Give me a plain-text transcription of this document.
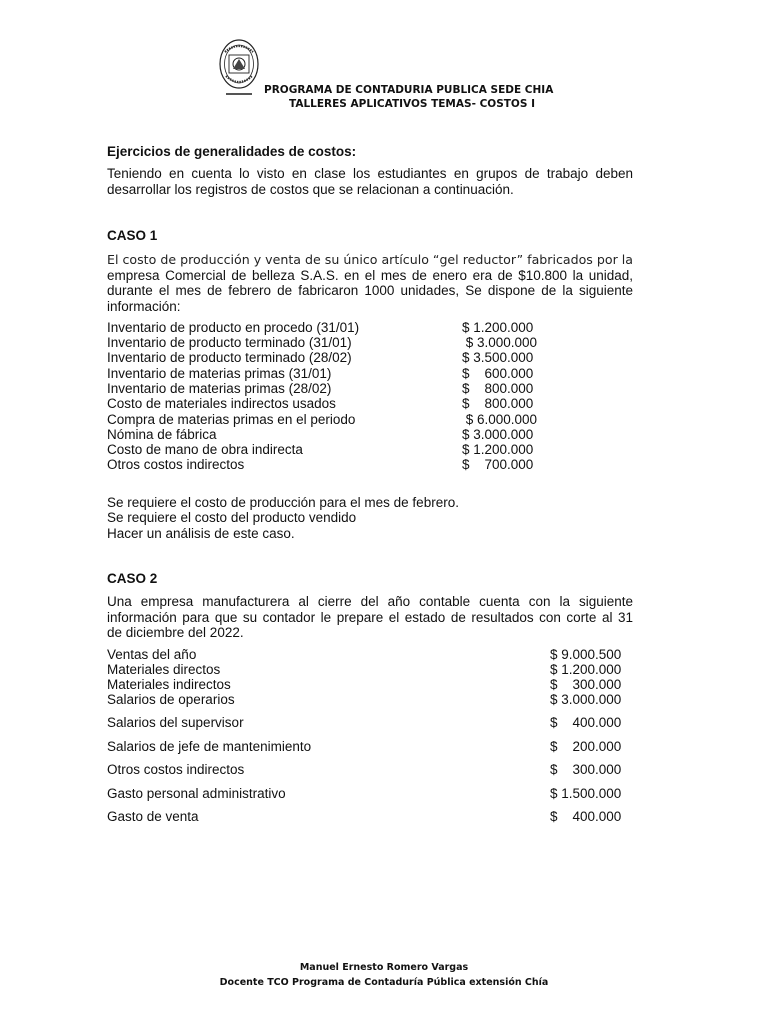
PROGRAMA DE CONTADURIA PUBLICA SEDE CHIA
TALLERES APLICATIVOS TEMAS- COSTOS I
Ejercicios de generalidades de costos:
Teniendo en cuenta lo visto en clase los estudiantes en grupos de trabajo deben
desarrollar los registros de costos que se relacionan a continuación.
CASO 1
El costo de producción y venta de su único artículo “gel reductor” fabricados por la
empresa Comercial de belleza S.A.S. en el mes de enero era de $10.800 la unidad,
durante el mes de febrero de fabricaron 1000 unidades, Se dispone de la siguiente
información:
Inventario de producto en procedo (31/01)	$ 1.200.000
Inventario de producto terminado (31/01)	$ 3.000.000
Inventario de producto terminado (28/02)	$ 3.500.000
Inventario de materias primas (31/01)	$    600.000
Inventario de materias primas (28/02)	$    800.000
Costo de materiales indirectos usados	$    800.000
Compra de materias primas en el periodo	$ 6.000.000
Nómina de fábrica	$ 3.000.000
Costo de mano de obra indirecta	$ 1.200.000
Otros costos indirectos	$    700.000
Se requiere el costo de producción para el mes de febrero.
Se requiere el costo del producto vendido
Hacer un análisis de este caso.
CASO 2
Una empresa manufacturera al cierre del año contable cuenta con la siguiente
información para que su contador le prepare el estado de resultados con corte al 31
de diciembre del 2022.
Ventas del año	$ 9.000.500
Materiales directos	$ 1.200.000
Materiales indirectos	$    300.000
Salarios de operarios	$ 3.000.000
Salarios del supervisor	$    400.000
Salarios de jefe de mantenimiento	$    200.000
Otros costos indirectos	$    300.000
Gasto personal administrativo	$ 1.500.000
Gasto de venta	$    400.000
Manuel Ernesto Romero Vargas
Docente TCO Programa de Contaduría Pública extensión Chía
